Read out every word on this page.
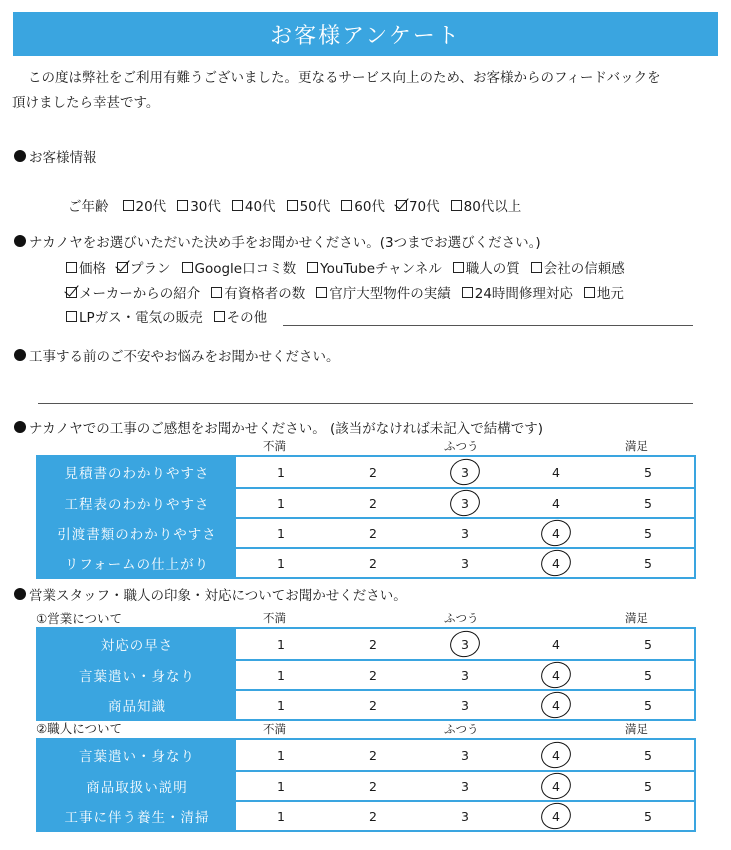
お客様アンケート
この度は弊社をご利用有難うございました。更なるサービス向上のため、お客様からのフィードバックを
頂けましたら幸甚です。
お客様情報
ご年齢 20代 30代 40代 50代 60代 70代 80代以上
ナカノヤをお選びいただいた決め手をお聞かせください。(3つまでお選びください。)
価格 プラン Google口コミ数 YouTubeチャンネル 職人の質 会社の信頼感
メーカーからの紹介 有資格者の数 官庁大型物件の実績 24時間修理対応 地元
LPガス・電気の販売 その他
工事する前のご不安やお悩みをお聞かせください。
ナカノヤでの工事のご感想をお聞かせください。 (該当がなければ未記入で結構です)
不満	ふつう	満足
見積書のわかりやすさ	1	2	3	4	5
工程表のわかりやすさ	1	2	3	4	5
引渡書類のわかりやすさ	1	2	3	4	5
リフォームの仕上がり	1	2	3	4	5
営業スタッフ・職人の印象・対応についてお聞かせください。
①営業について	不満	ふつう	満足
対応の早さ	1	2	3	4	5
言葉遣い・身なり	1	2	3	4	5
商品知識	1	2	3	4	5
②職人について	不満	ふつう	満足
言葉遣い・身なり	1	2	3	4	5
商品取扱い説明	1	2	3	4	5
工事に伴う養生・清掃	1	2	3	4	5
